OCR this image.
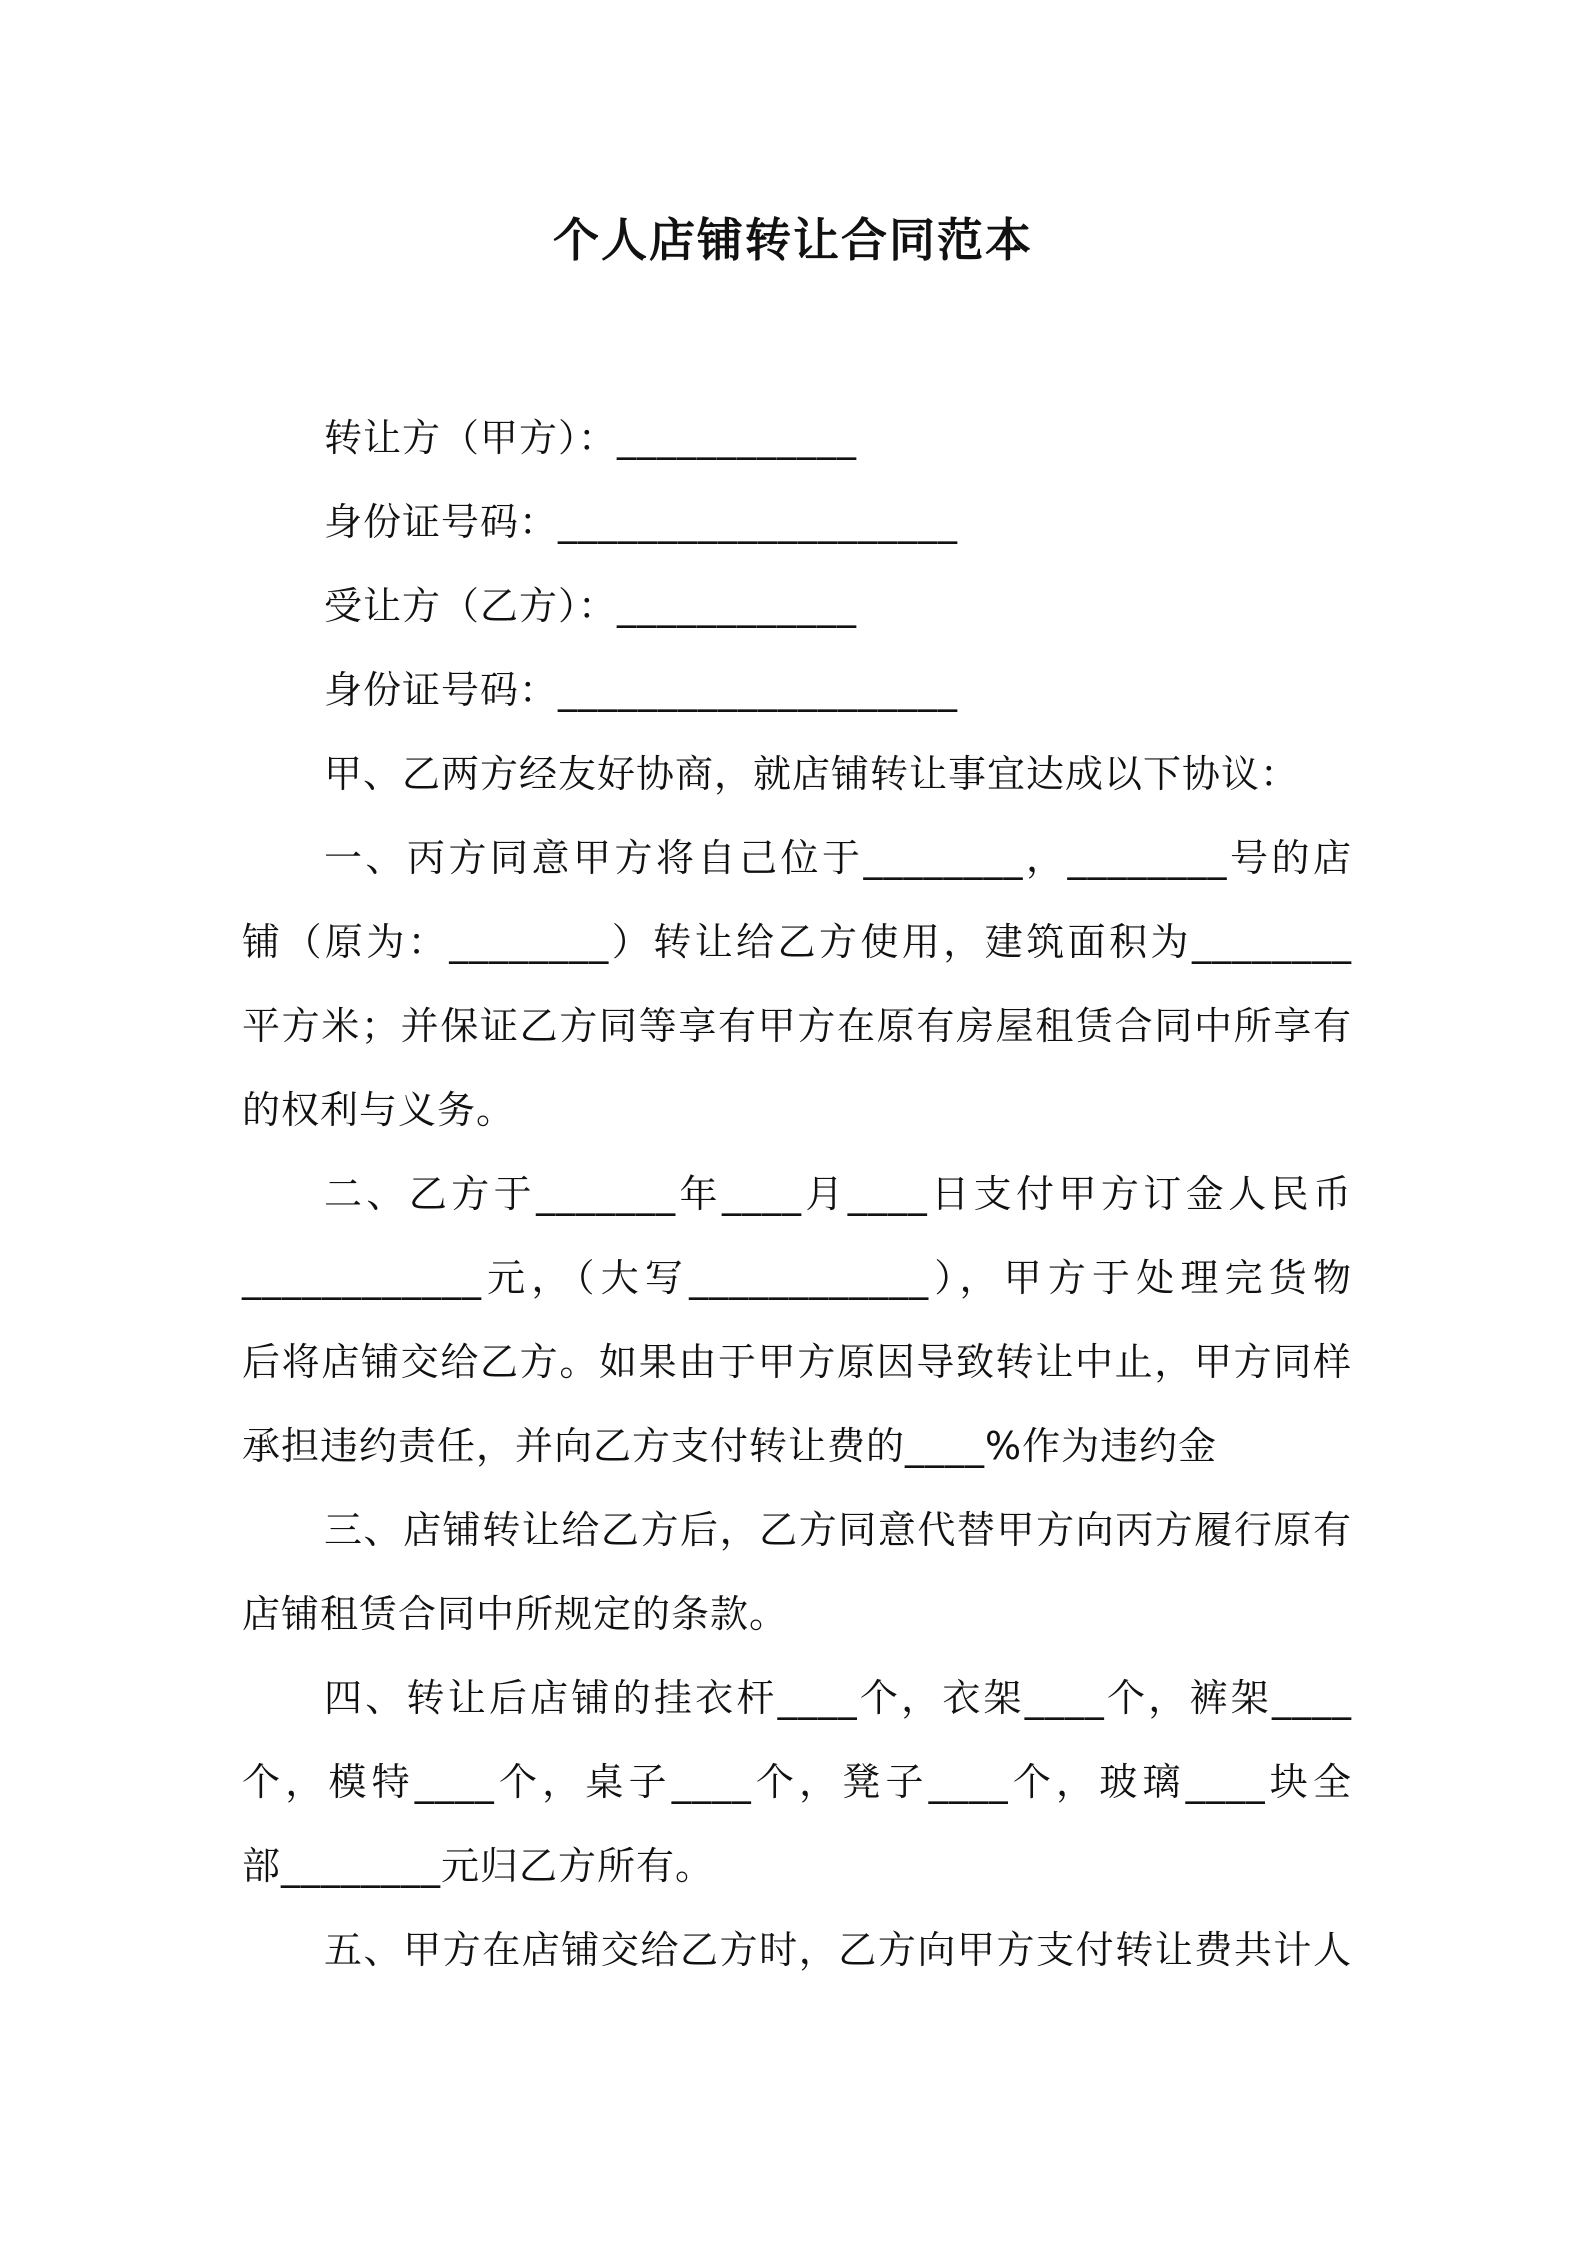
个人店铺转让合同范本
转让方（甲方）：____________
身份证号码：____________________
受让方（乙方）：____________
身份证号码：____________________
甲、乙两方经友好协商，就店铺转让事宜达成以下协议：
一、丙方同意甲方将自己位于________，________号的店
铺（原为：________）转让给乙方使用，建筑面积为________
平方米；并保证乙方同等享有甲方在原有房屋租赁合同中所享有
的权利与义务。
二、乙方于_______年____月____日支付甲方订金人民币
____________元，（大写____________），甲方于处理完货物
后将店铺交给乙方。如果由于甲方原因导致转让中止，甲方同样
承担违约责任，并向乙方支付转让费的____%作为违约金
三、店铺转让给乙方后，乙方同意代替甲方向丙方履行原有
店铺租赁合同中所规定的条款。
四、转让后店铺的挂衣杆____个，衣架____个，裤架____
个，模特____个，桌子____个，凳子____个，玻璃____块全
部________元归乙方所有。
五、甲方在店铺交给乙方时，乙方向甲方支付转让费共计人
